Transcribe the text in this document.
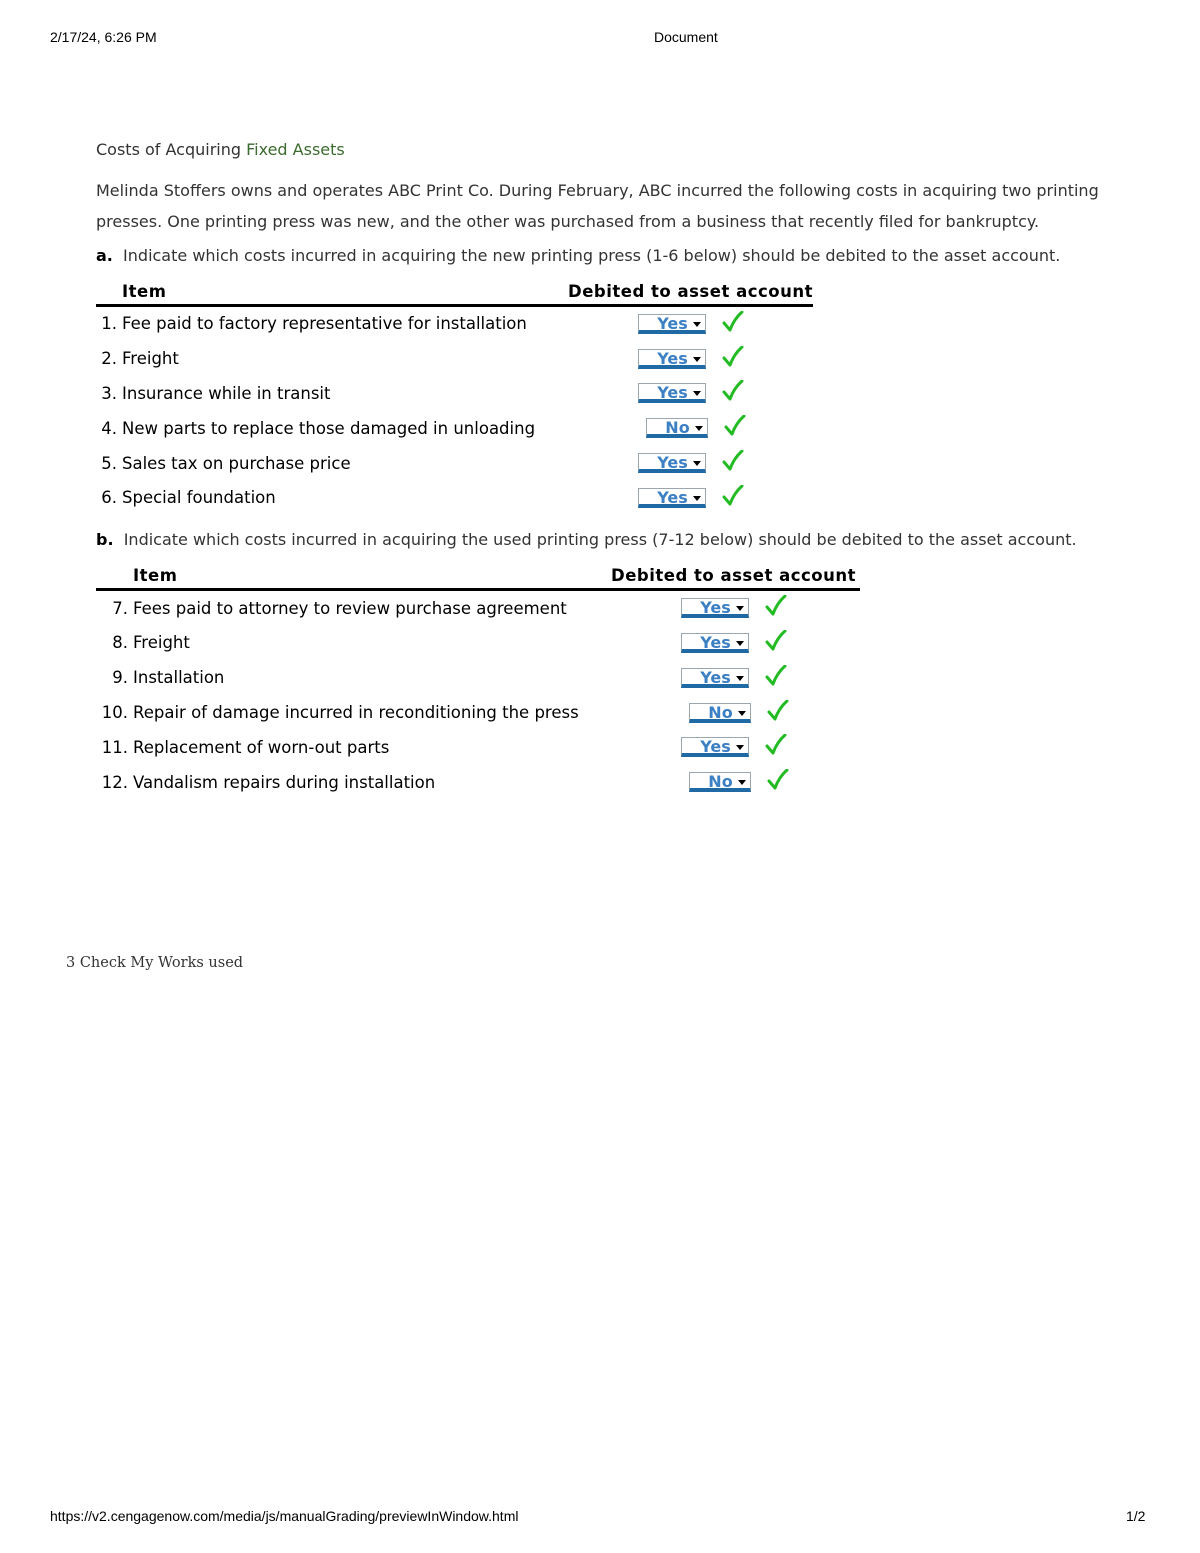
2/17/24, 6:26 PM	Document
Costs of Acquiring Fixed Assets

Melinda Stoffers owns and operates ABC Print Co. During February, ABC incurred the following costs in acquiring two printing presses. One printing press was new, and the other was purchased from a business that recently filed for bankruptcy.

a. Indicate which costs incurred in acquiring the new printing press (1-6 below) should be debited to the asset account.

	Item	Debited to asset account
1.	Fee paid to factory representative for installation	Yes

2.	Freight	Yes

3.	Insurance while in transit	Yes

4.	New parts to replace those damaged in unloading	No

5.	Sales tax on purchase price	Yes

6.	Special foundation	Yes

b. Indicate which costs incurred in acquiring the used printing press (7-12 below) should be debited to the asset account.

	Item	Debited to asset account
7.	Fees paid to attorney to review purchase agreement	Yes

8.	Freight	Yes

9.	Installation	Yes

10.	Repair of damage incurred in reconditioning the press	No

11.	Replacement of worn-out parts	Yes

12.	Vandalism repairs during installation	No
3 Check My Works used
https://v2.cengagenow.com/media/js/manualGrading/previewInWindow.html	1/2
